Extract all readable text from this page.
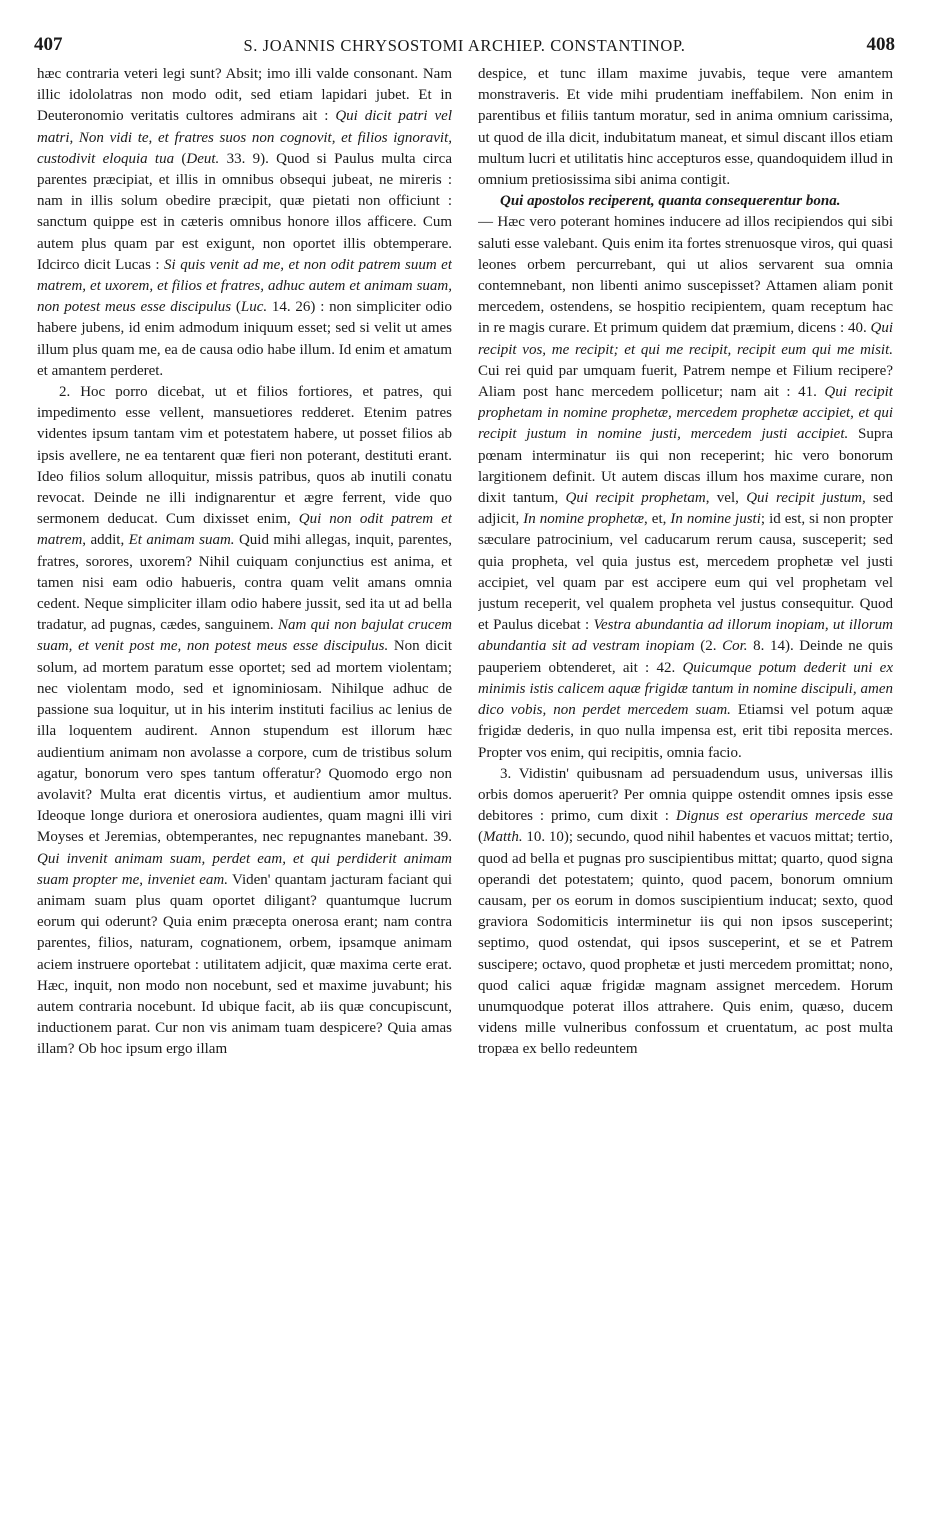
407	S. JOANNIS CHRYSOSTOMI ARCHIEP. CONSTANTINOP.	408

hæc contraria veteri legi sunt? Absit; imo illi valde consonant. Nam illic idololatras non modo odit, sed etiam lapidari jubet. Et in Deuteronomio veritatis cultores admirans ait : Qui dicit patri vel matri, Non vidi te, et fratres suos non cognovit, et filios ignoravit, custodivit eloquia tua (Deut. 33. 9). Quod si Paulus multa circa parentes præcipiat, et illis in omnibus obsequi jubeat, ne mireris : nam in illis solum obedire præcipit, quæ pietati non officiunt : sanctum quippe est in cæteris omnibus honore illos afficere. Cum autem plus quam par est exigunt, non oportet illis obtemperare. Idcirco dicit Lucas : Si quis venit ad me, et non odit patrem suum et matrem, et uxorem, et filios et fratres, adhuc autem et animam suam, non potest meus esse discipulus (Luc. 14. 26) : non simpliciter odio habere jubens, id enim admodum iniquum esset; sed si velit ut ames illum plus quam me, ea de causa odio habe illum. Id enim et amatum et amantem perderet.

2. Hoc porro dicebat, ut et filios fortiores, et patres, qui impedimento esse vellent, mansuetiores redderet. Etenim patres videntes ipsum tantam vim et potestatem habere, ut posset filios ab ipsis avellere, ne ea tentarent quæ fieri non poterant, destituti erant. Ideo filios solum alloquitur, missis patribus, quos ab inutili conatu revocat. Deinde ne illi indignarentur et ægre ferrent, vide quo sermonem deducat. Cum dixisset enim, Qui non odit patrem et matrem, addit, Et animam suam. Quid mihi allegas, inquit, parentes, fratres, sorores, uxorem? Nihil cuiquam conjunctius est anima, et tamen nisi eam odio habueris, contra quam velit amans omnia cedent. Neque simpliciter illam odio habere jussit, sed ita ut ad bella tradatur, ad pugnas, cædes, sanguinem. Nam qui non bajulat crucem suam, et venit post me, non potest meus esse discipulus. Non dicit solum, ad mortem paratum esse oportet; sed ad mortem violentam; nec violentam modo, sed et ignominiosam. Nihilque adhuc de passione sua loquitur, ut in his interim instituti facilius ac lenius de illa loquentem audirent. Annon stupendum est illorum hæc audientium animam non avolasse a corpore, cum de tristibus solum agatur, bonorum vero spes tantum offeratur? Quomodo ergo non avolavit? Multa erat dicentis virtus, et audientium amor multus. Ideoque longe duriora et onerosiora audientes, quam magni illi viri Moyses et Jeremias, obtemperantes, nec repugnantes manebant. 39. Qui invenit animam suam, perdet eam, et qui perdiderit animam suam propter me, inveniet eam. Viden' quantam jacturam faciant qui animam suam plus quam oportet diligant? quantumque lucrum eorum qui oderunt? Quia enim præcepta onerosa erant; nam contra parentes, filios, naturam, cognationem, orbem, ipsamque animam aciem instruere oportebat : utilitatem adjicit, quæ maxima certe erat. Hæc, inquit, non modo non nocebunt, sed et maxime juvabunt; his autem contraria nocebunt. Id ubique facit, ab iis quæ concupiscunt, inductionem parat. Cur non vis animam tuam despicere? Quia amas illam? Ob hoc ipsum ergo illam

despice, et tunc illam maxime juvabis, teque vere amantem monstraveris. Et vide mihi prudentiam ineffabilem. Non enim in parentibus et filiis tantum moratur, sed in anima omnium carissima, ut quod de illa dicit, indubitatum maneat, et simul discant illos etiam multum lucri et utilitatis hinc accepturos esse, quandoquidem illud in omnium pretiosissima sibi anima contigit.

Qui apostolos reciperent, quanta consequerentur bona.

— Hæc vero poterant homines inducere ad illos recipiendos qui sibi saluti esse valebant. Quis enim ita fortes strenuosque viros, qui quasi leones orbem percurrebant, qui ut alios servarent sua omnia contemnebant, non libenti animo suscepisset? Attamen aliam ponit mercedem, ostendens, se hospitio recipientem, quam receptum hac in re magis curare. Et primum quidem dat præmium, dicens : 40. Qui recipit vos, me recipit; et qui me recipit, recipit eum qui me misit. Cui rei quid par umquam fuerit, Patrem nempe et Filium recipere? Aliam post hanc mercedem pollicetur; nam ait : 41. Qui recipit prophetam in nomine prophetæ, mercedem prophetæ accipiet, et qui recipit justum in nomine justi, mercedem justi accipiet. Supra pœnam interminatur iis qui non receperint; hic vero bonorum largitionem definit. Ut autem discas illum hos maxime curare, non dixit tantum, Qui recipit prophetam, vel, Qui recipit justum, sed adjicit, In nomine prophetæ, et, In nomine justi; id est, si non propter sæculare patrocinium, vel caducarum rerum causa, susceperit; sed quia propheta, vel quia justus est, mercedem prophetæ vel justi accipiet, vel quam par est accipere eum qui vel prophetam vel justum receperit, vel qualem propheta vel justus consequitur. Quod et Paulus dicebat : Vestra abundantia ad illorum inopiam, ut illorum abundantia sit ad vestram inopiam (2. Cor. 8. 14). Deinde ne quis pauperiem obtenderet, ait : 42. Quicumque potum dederit uni ex minimis istis calicem aquæ frigidæ tantum in nomine discipuli, amen dico vobis, non perdet mercedem suam. Etiamsi vel potum aquæ frigidæ dederis, in quo nulla impensa est, erit tibi reposita merces. Propter vos enim, qui recipitis, omnia facio.

3. Vidistin' quibusnam ad persuadendum usus, universas illis orbis domos aperuerit? Per omnia quippe ostendit omnes ipsis esse debitores : primo, cum dixit : Dignus est operarius mercede sua (Matth. 10. 10); secundo, quod nihil habentes et vacuos mittat; tertio, quod ad bella et pugnas pro suscipientibus mittat; quarto, quod signa operandi det potestatem; quinto, quod pacem, bonorum omnium causam, per os eorum in domos suscipientium inducat; sexto, quod graviora Sodomiticis interminetur iis qui non ipsos susceperint; septimo, quod ostendat, qui ipsos susceperint, et se et Patrem suscipere; octavo, quod prophetæ et justi mercedem promittat; nono, quod calici aquæ frigidæ magnam assignet mercedem. Horum unumquodque poterat illos attrahere. Quis enim, quæso, ducem videns mille vulneribus confossum et cruentatum, ac post multa tropæa ex bello redeuntem
